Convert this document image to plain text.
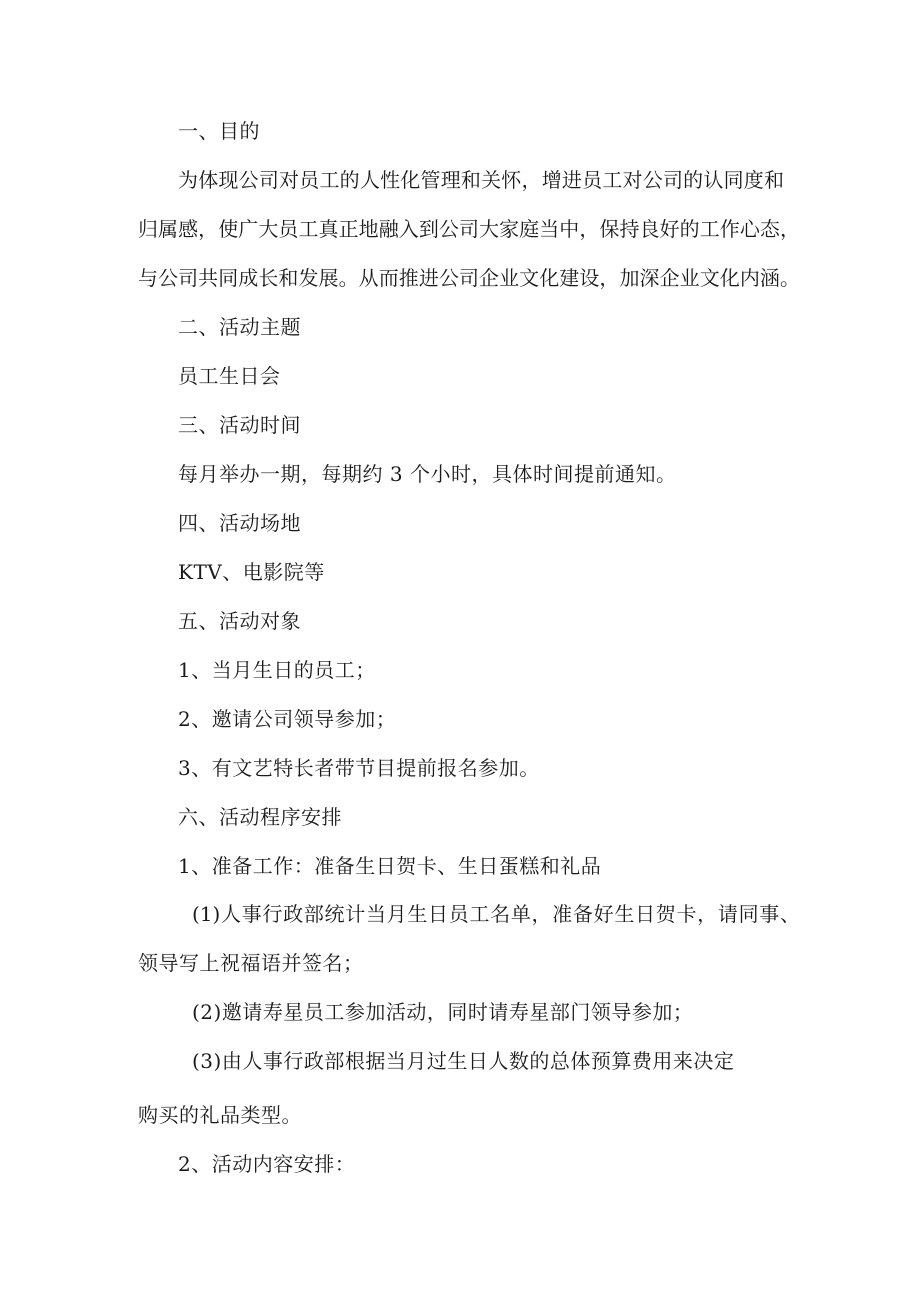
一、目的
为体现公司对员工的人性化管理和关怀，增进员工对公司的认同度和
归属感，使广大员工真正地融入到公司大家庭当中，保持良好的工作心态，
与公司共同成长和发展。从而推进公司企业文化建设，加深企业文化内涵。
二、活动主题
员工生日会
三、活动时间
每月举办一期，每期约 3 个小时，具体时间提前通知。
四、活动场地
KTV、电影院等
五、活动对象
1、当月生日的员工；
2、邀请公司领导参加；
3、有文艺特长者带节目提前报名参加。
六、活动程序安排
1、准备工作：准备生日贺卡、生日蛋糕和礼品
(1)人事行政部统计当月生日员工名单，准备好生日贺卡，请同事、
领导写上祝福语并签名；
(2)邀请寿星员工参加活动，同时请寿星部门领导参加；
(3)由人事行政部根据当月过生日人数的总体预算费用来决定
购买的礼品类型。
2、活动内容安排：
